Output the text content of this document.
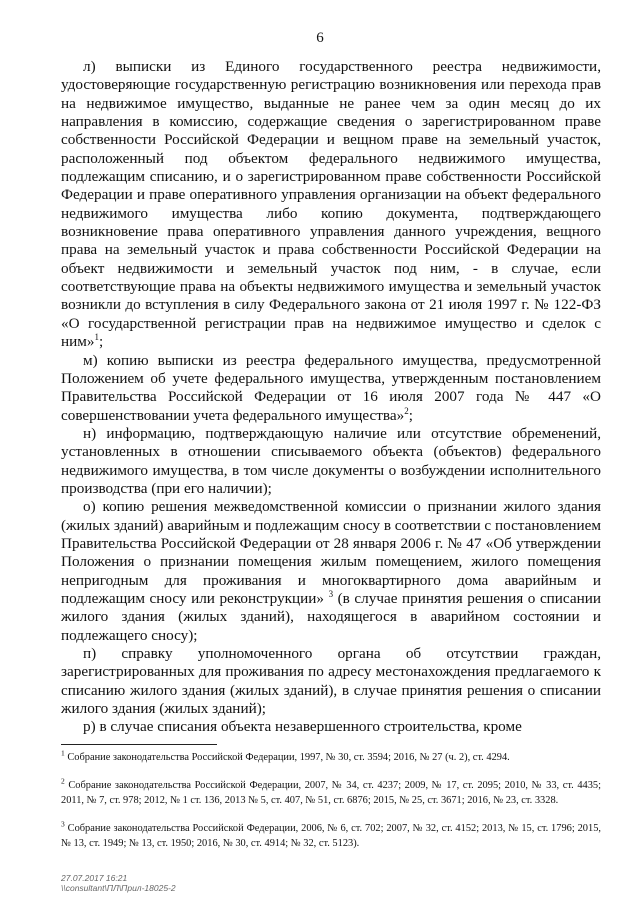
6

л) выписки из Единого государственного реестра недвижимости, удостоверяющие государственную регистрацию возникновения или перехода прав на недвижимое имущество, выданные не ранее чем за один месяц до их направления в комиссию, содержащие сведения о зарегистрированном праве собственности Российской Федерации и вещном праве на земельный участок, расположенный под объектом федерального недвижимого имущества, подлежащим списанию, и о зарегистрированном праве собственности Российской Федерации и праве оперативного управления организации на объект федерального недвижимого имущества либо копию документа, подтверждающего возникновение права оперативного управления данного учреждения, вещного права на земельный участок и права собственности Российской Федерации на объект недвижимости и земельный участок под ним, - в случае, если соответствующие права на объекты недвижимого имущества и земельный участок возникли до вступления в силу Федерального закона от 21 июля 1997 г. № 122-ФЗ «О государственной регистрации прав на недвижимое имущество и сделок с ним»$^1$;

м) копию выписки из реестра федерального имущества, предусмотренной Положением об учете федерального имущества, утвержденным постановлением Правительства Российской Федерации от 16 июля 2007 года № 447 «О совершенствовании учета федерального имущества»$^2$;

н) информацию, подтверждающую наличие или отсутствие обременений, установленных в отношении списываемого объекта (объектов) федерального недвижимого имущества, в том числе документы о возбуждении исполнительного производства (при его наличии);

о) копию решения межведомственной комиссии о признании жилого здания (жилых зданий) аварийным и подлежащим сносу в соответствии с постановлением Правительства Российской Федерации от 28 января 2006 г. № 47 «Об утверждении Положения о признании помещения жилым помещением, жилого помещения непригодным для проживания и многоквартирного дома аварийным и подлежащим сносу или реконструкции» $^3$ (в случае принятия решения о списании жилого здания (жилых зданий), находящегося в аварийном состоянии и подлежащего сносу);

п) справку уполномоченного органа об отсутствии граждан, зарегистрированных для проживания по адресу местонахождения предлагаемого к списанию жилого здания (жилых зданий), в случае принятия решения о списании жилого здания (жилых зданий);

р) в случае списания объекта незавершенного строительства, кроме

$^1$ Собрание законодательства Российской Федерации, 1997, № 30, ст. 3594; 2016, № 27 (ч. 2), ст. 4294.

$^2$ Собрание законодательства Российской Федерации, 2007, № 34, ст. 4237; 2009, № 17, ст. 2095; 2010, № 33, ст. 4435; 2011, № 7, ст. 978; 2012, № 1 ст. 136, 2013 № 5, ст. 407, № 51, ст. 6876; 2015, № 25, ст. 3671; 2016, № 23, ст. 3328.

$^3$ Собрание законодательства Российской Федерации, 2006, № 6, ст. 702; 2007, № 32, ст. 4152; 2013, № 15, ст. 1796; 2015, № 13, ст. 1949; № 13, ст. 1950; 2016, № 30, ст. 4914; № 32, ст. 5123).

27.07.2017 16:21
\\consultant\ПЛ\Прил-18025-2
